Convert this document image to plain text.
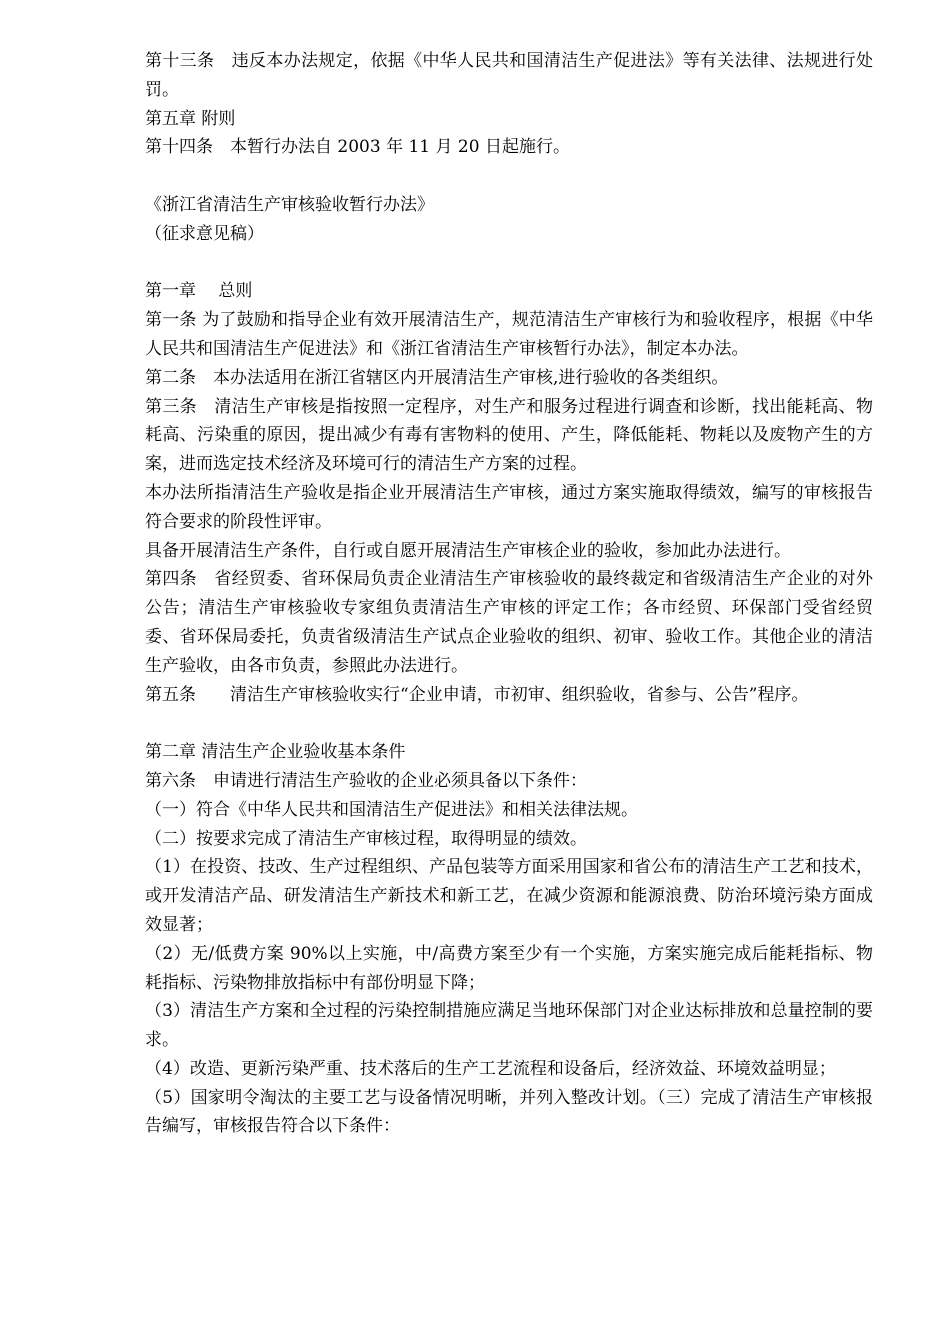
第十三条　违反本办法规定，依据《中华人民共和国清洁生产促进法》等有关法律、法规进行处罚。

第五章 附则

第十四条　本暂行办法自 2003 年 11 月 20 日起施行。

《浙江省清洁生产审核验收暂行办法》

（征求意见稿）

第一章　 总则

第一条 为了鼓励和指导企业有效开展清洁生产，规范清洁生产审核行为和验收程序，根据《中华人民共和国清洁生产促进法》和《浙江省清洁生产审核暂行办法》，制定本办法。

第二条　本办法适用在浙江省辖区内开展清洁生产审核,进行验收的各类组织。

第三条　清洁生产审核是指按照一定程序，对生产和服务过程进行调查和诊断，找出能耗高、物耗高、污染重的原因，提出减少有毒有害物料的使用、产生，降低能耗、物耗以及废物产生的方案，进而选定技术经济及环境可行的清洁生产方案的过程。

本办法所指清洁生产验收是指企业开展清洁生产审核，通过方案实施取得绩效，编写的审核报告符合要求的阶段性评审。

具备开展清洁生产条件，自行或自愿开展清洁生产审核企业的验收，参加此办法进行。

第四条　省经贸委、省环保局负责企业清洁生产审核验收的最终裁定和省级清洁生产企业的对外公告；清洁生产审核验收专家组负责清洁生产审核的评定工作；各市经贸、环保部门受省经贸委、省环保局委托，负责省级清洁生产试点企业验收的组织、初审、验收工作。其他企业的清洁生产验收，由各市负责，参照此办法进行。

第五条　　清洁生产审核验收实行“企业申请，市初审、组织验收，省参与、公告”程序。

第二章 清洁生产企业验收基本条件

第六条　申请进行清洁生产验收的企业必须具备以下条件：

（一）符合《中华人民共和国清洁生产促进法》和相关法律法规。

（二）按要求完成了清洁生产审核过程，取得明显的绩效。

（1）在投资、技改、生产过程组织、产品包装等方面采用国家和省公布的清洁生产工艺和技术，或开发清洁产品、研发清洁生产新技术和新工艺，在减少资源和能源浪费、防治环境污染方面成效显著；

（2）无/低费方案 90%以上实施，中/高费方案至少有一个实施，方案实施完成后能耗指标、物耗指标、污染物排放指标中有部份明显下降；

（3）清洁生产方案和全过程的污染控制措施应满足当地环保部门对企业达标排放和总量控制的要求。

（4）改造、更新污染严重、技术落后的生产工艺流程和设备后，经济效益、环境效益明显；

（5）国家明令淘汰的主要工艺与设备情况明晰，并列入整改计划。（三）完成了清洁生产审核报告编写，审核报告符合以下条件：
